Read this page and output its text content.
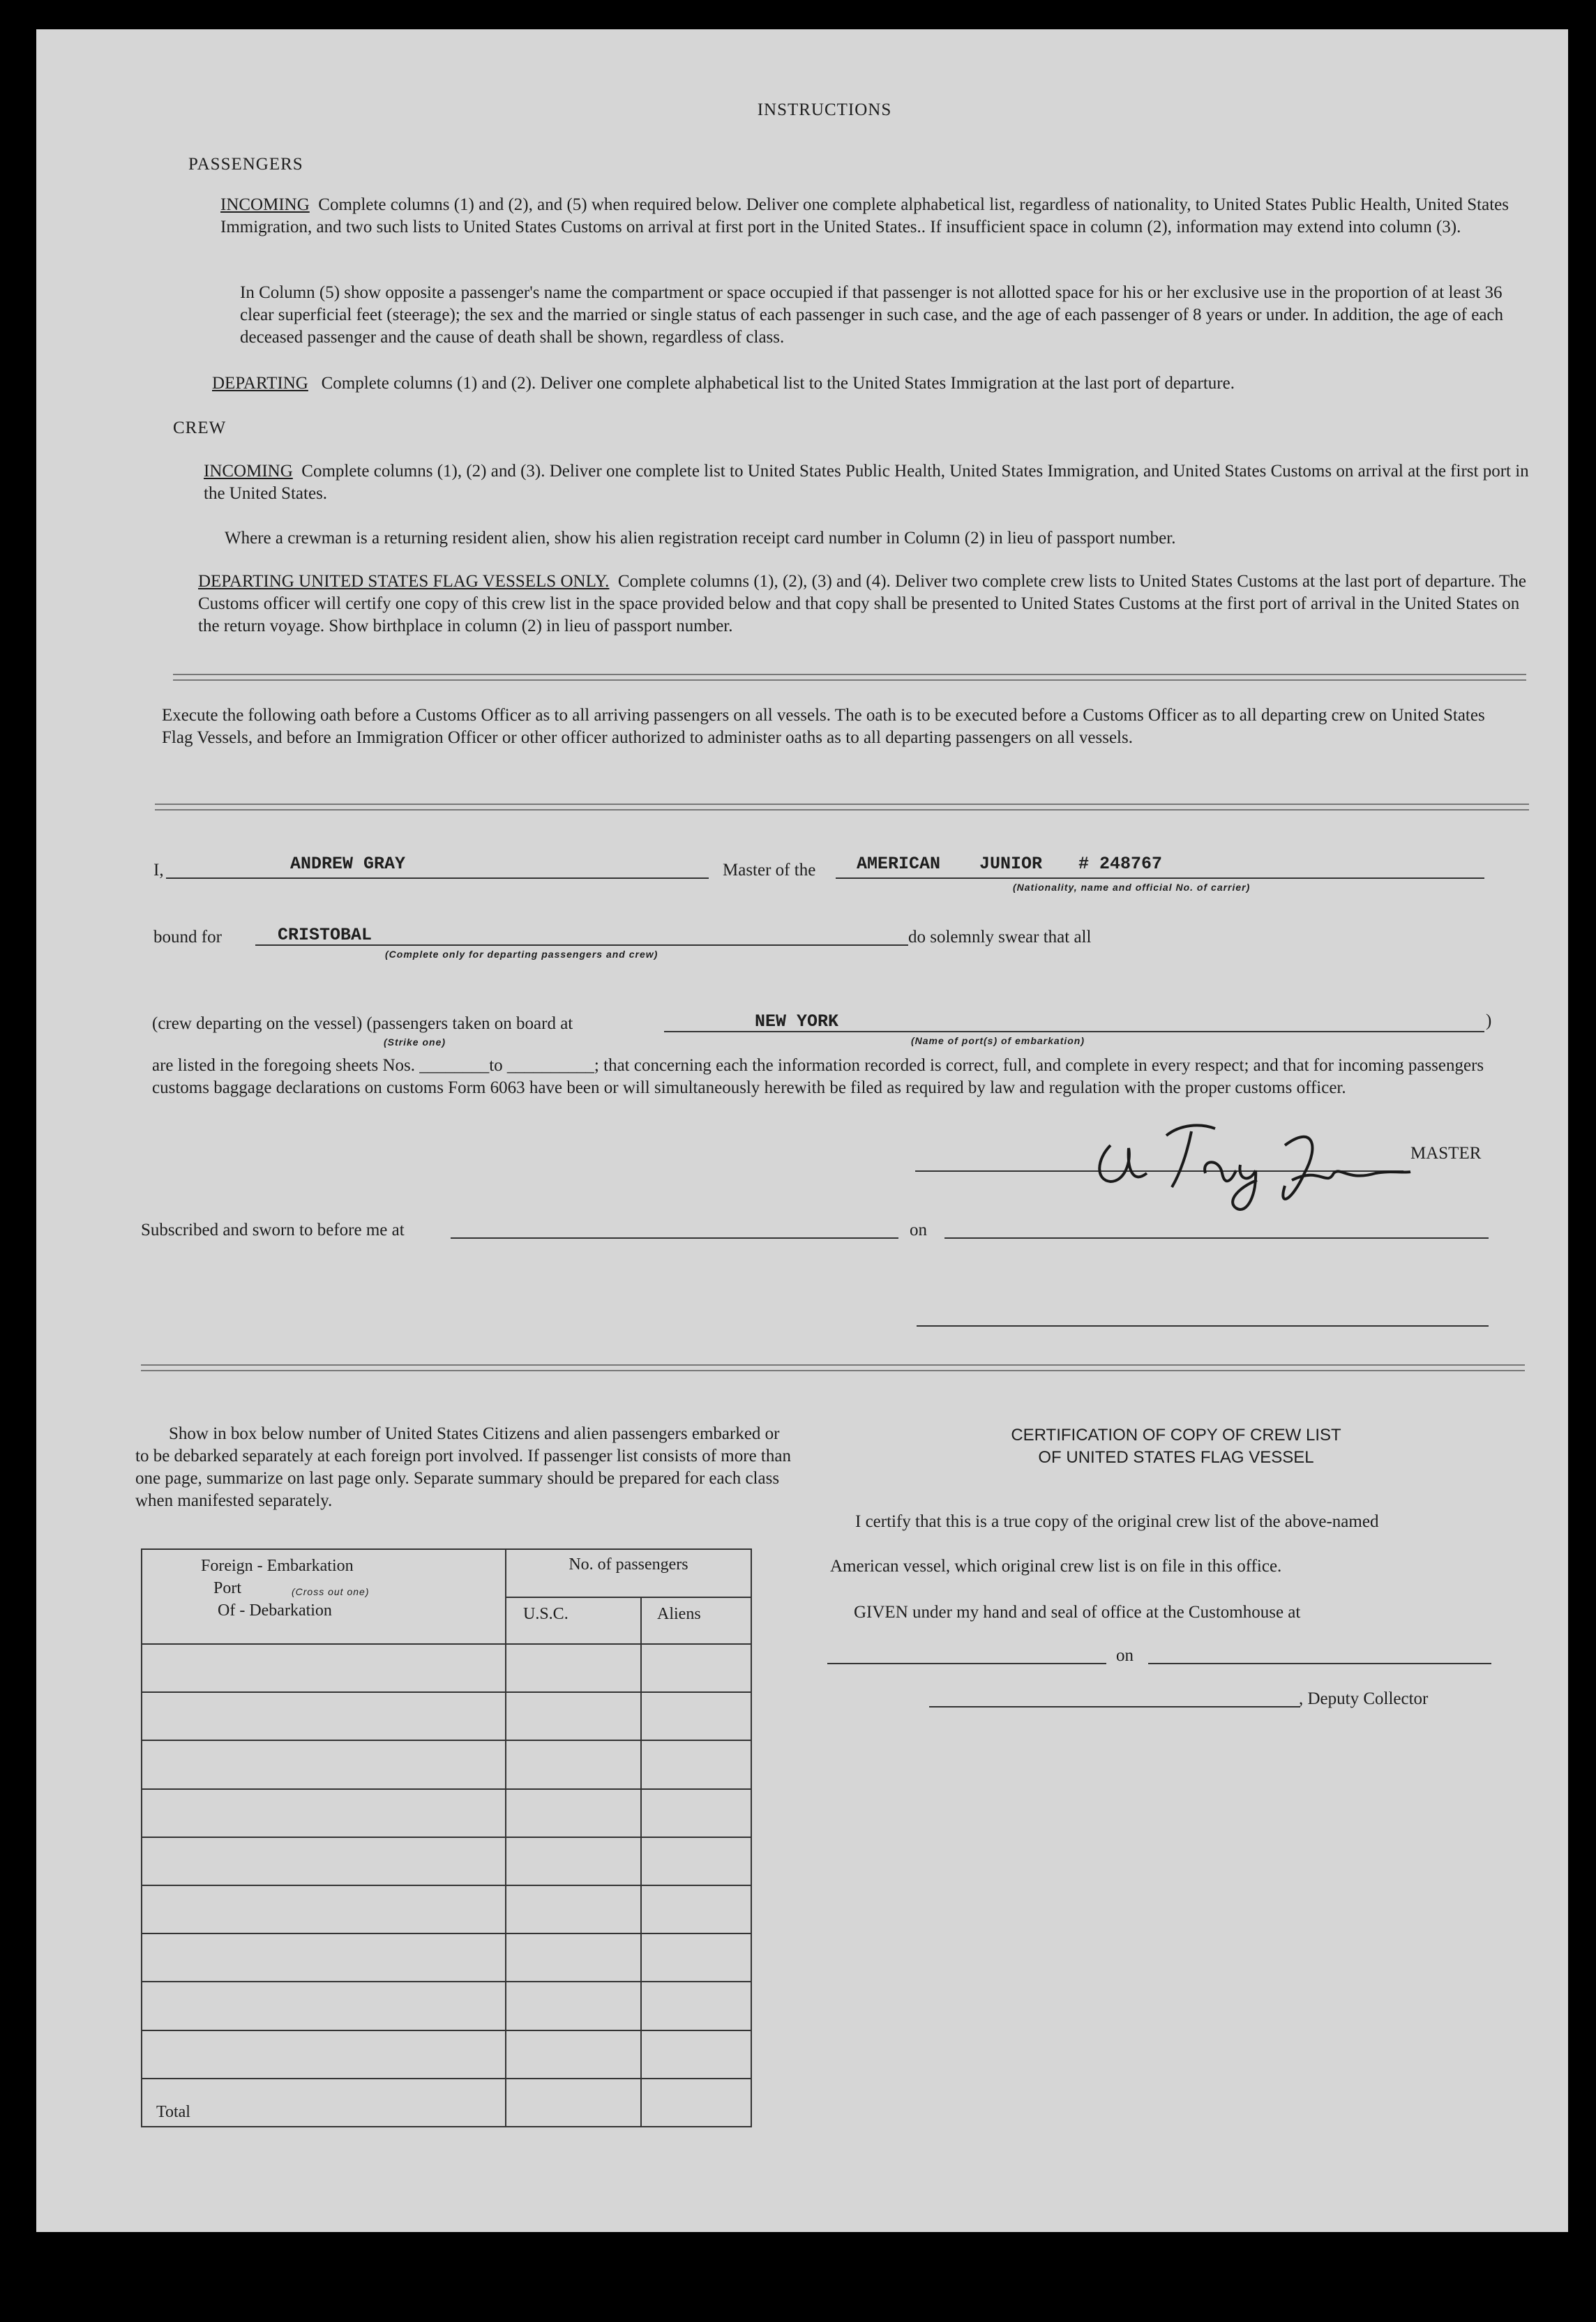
INSTRUCTIONS
PASSENGERS
INCOMING Complete columns (1) and (2), and (5) when required below. Deliver one complete alphabetical list, regardless of nationality, to United States Public Health, United States Immigration, and two such lists to United States Customs on arrival at first port in the United States.. If insufficient space in column (2), information may extend into column (3).
In Column (5) show opposite a passenger's name the compartment or space occupied if that passenger is not allotted space for his or her exclusive use in the proportion of at least 36 clear superficial feet (steerage); the sex and the married or single status of each passenger in such case, and the age of each passenger of 8 years or under. In addition, the age of each deceased passenger and the cause of death shall be shown, regardless of class.
DEPARTING Complete columns (1) and (2). Deliver one complete alphabetical list to the United States Immigration at the last port of departure.
CREW
INCOMING Complete columns (1), (2) and (3). Deliver one complete list to United States Public Health, United States Immigration, and United States Customs on arrival at the first port in the United States.
Where a crewman is a returning resident alien, show his alien registration receipt card number in Column (2) in lieu of passport number.
DEPARTING UNITED STATES FLAG VESSELS ONLY. Complete columns (1), (2), (3) and (4). Deliver two complete crew lists to United States Customs at the last port of departure. The Customs officer will certify one copy of this crew list in the space provided below and that copy shall be presented to United States Customs at the first port of arrival in the United States on the return voyage. Show birthplace in column (2) in lieu of passport number.
Execute the following oath before a Customs Officer as to all arriving passengers on all vessels. The oath is to be executed before a Customs Officer as to all departing crew on United States Flag Vessels, and before an Immigration Officer or other officer authorized to administer oaths as to all departing passengers on all vessels.
I,	ANDREW GRAY	Master of the AMERICAN JUNIOR # 248767
(Nationality, name and official No. of carrier)
bound for	CRISTOBAL
(Complete only for departing passengers and crew)
do solemnly swear that all
(crew departing on the vessel) (passengers taken on board at
(Strike one)
NEW YORK
(Name of port(s) of embarkation)
)
are listed in the foregoing sheets Nos. ________to __________; that concerning each the information recorded is correct, full, and complete in every respect; and that for incoming passengers customs baggage declarations on customs Form 6063 have been or will simultaneously herewith be filed as required by law and regulation with the proper customs officer.
MASTER
Subscribed and sworn to before me at	on
Show in box below number of United States Citizens and alien passengers embarked or to be debarked separately at each foreign port involved. If passenger list consists of more than one page, summarize on last page only. Separate summary should be prepared for each class when manifested separately.
Foreign - Embarkation
Port (Cross out one)
Of - Debarkation	No. of passengers	
	U.S.C.	Aliens

Total		
CERTIFICATION OF COPY OF CREW LIST
OF UNITED STATES FLAG VESSEL
I certify that this is a true copy of the original crew list of the above-named
American vessel, which original crew list is on file in this office.
GIVEN under my hand and seal of office at the Customhouse at
on
, Deputy Collector
